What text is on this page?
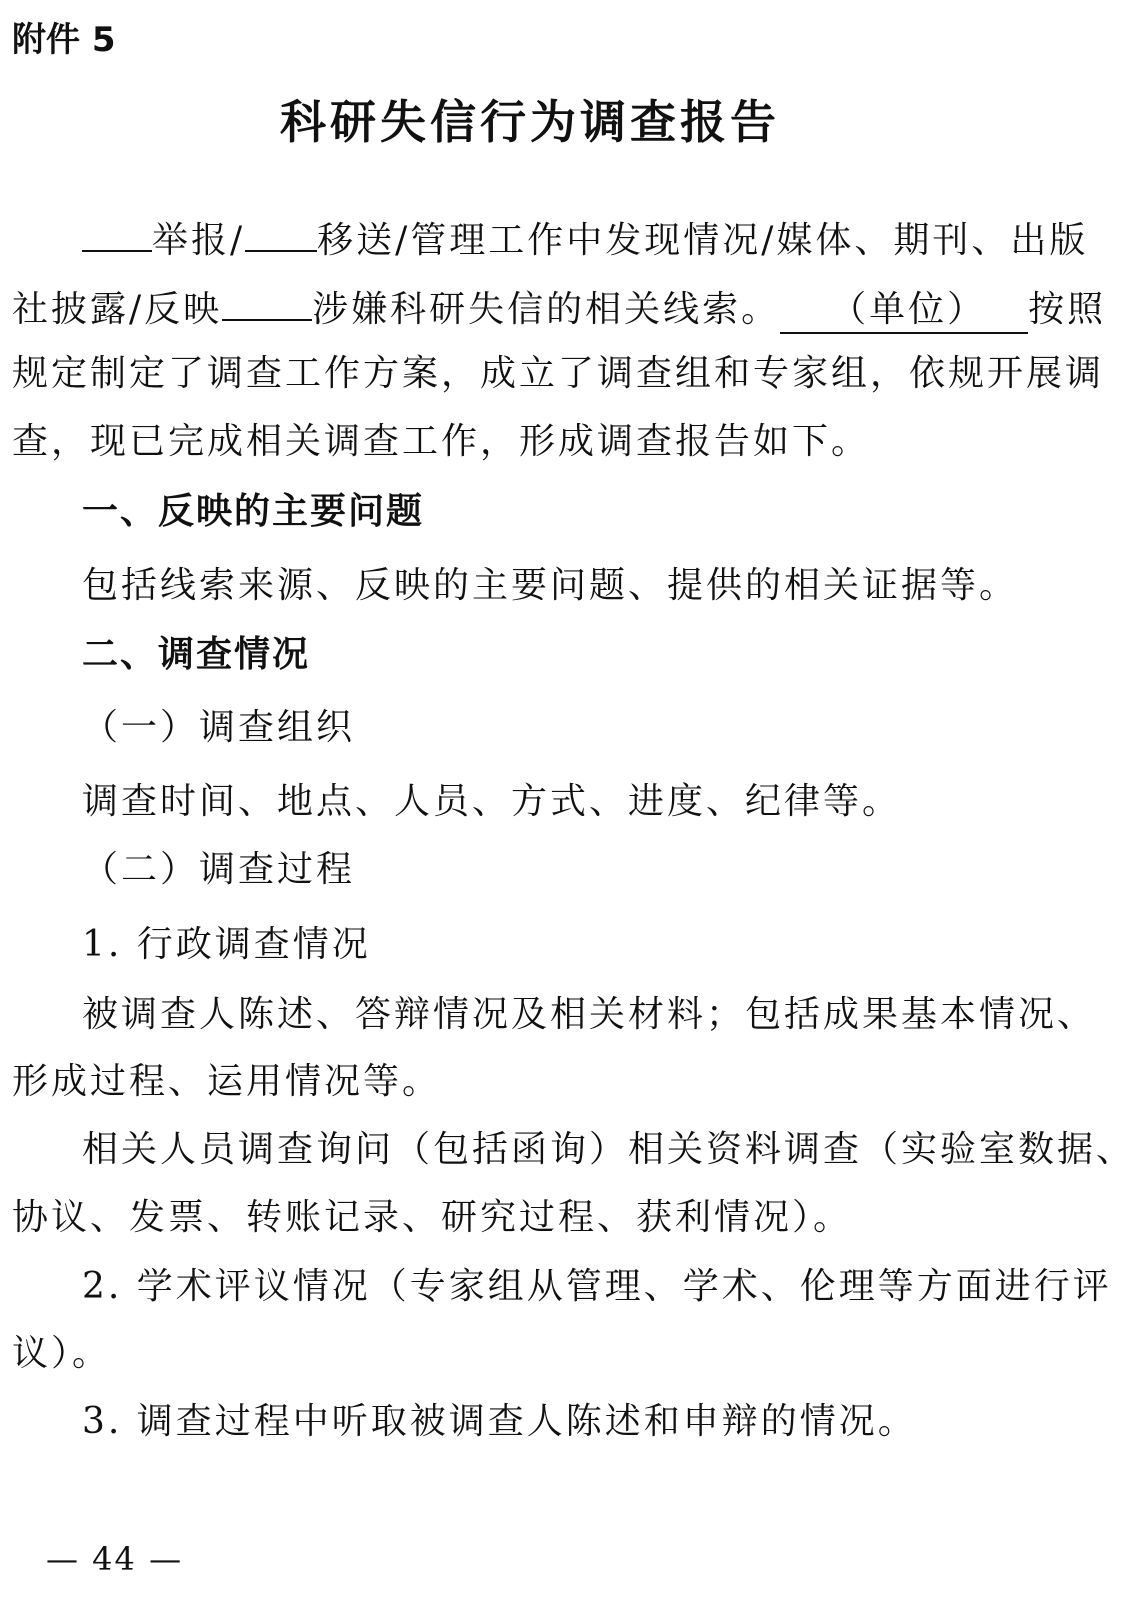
附件 5
科研失信行为调查报告
举报/ 移送/管理工作中发现情况/媒体、期刊、出版
社披露/反映	涉嫌科研失信的相关线索。 （单位） 按照
规定制定了调查工作方案，成立了调查组和专家组，依规开展调
查，现已完成相关调查工作，形成调查报告如下。
一、反映的主要问题
包括线索来源、反映的主要问题、提供的相关证据等。
二、调查情况
（一）调查组织
调查时间、地点、人员、方式、进度、纪律等。
（二）调查过程
1. 行政调查情况
被调查人陈述、答辩情况及相关材料；包括成果基本情况、
形成过程、运用情况等。
相关人员调查询问（包括函询）相关资料调查（实验室数据、
协议、发票、转账记录、研究过程、获利情况）。
2. 学术评议情况（专家组从管理、学术、伦理等方面进行评
议）。
3. 调查过程中听取被调查人陈述和申辩的情况。
— 44 —
